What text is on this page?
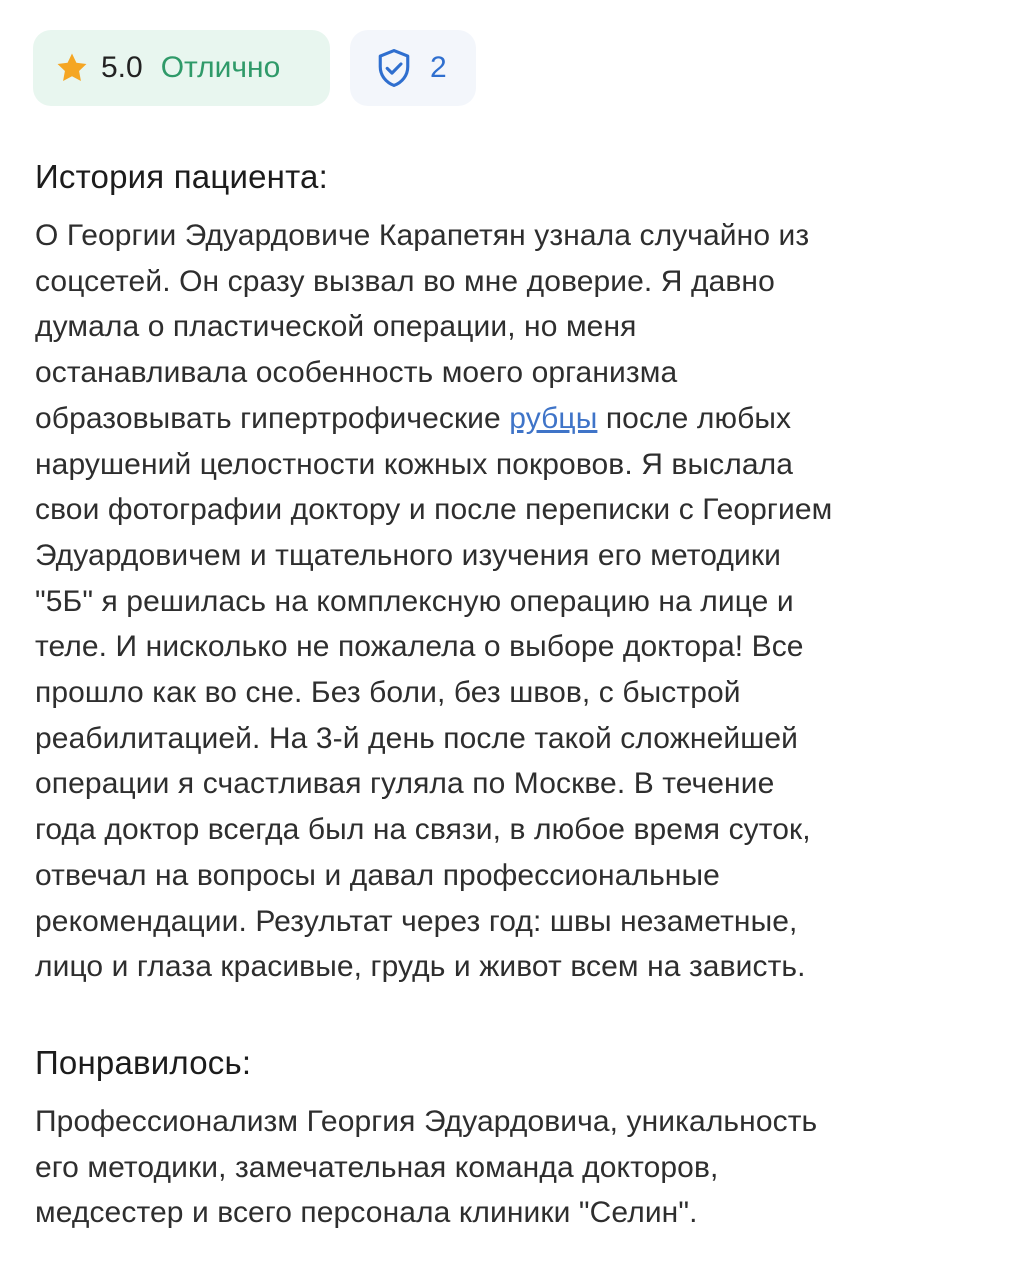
5.0 Отлично	2
История пациента:

О Георгии Эдуардовиче Карапетян узнала случайно из
соцсетей. Он сразу вызвал во мне доверие. Я давно
думала о пластической операции, но меня
останавливала особенность моего организма
образовывать гипертрофические рубцы после любых
нарушений целостности кожных покровов. Я выслала
свои фотографии доктору и после переписки с Георгием
Эдуардовичем и тщательного изучения его методики
"5Б" я решилась на комплексную операцию на лице и
теле. И нисколько не пожалела о выборе доктора! Все
прошло как во сне. Без боли, без швов, с быстрой
реабилитацией. На 3-й день после такой сложнейшей
операции я счастливая гуляла по Москве. В течение
года доктор всегда был на связи, в любое время суток,
отвечал на вопросы и давал профессиональные
рекомендации. Результат через год: швы незаметные,
лицо и глаза красивые, грудь и живот всем на зависть.

Понравилось:

Профессионализм Георгия Эдуардовича, уникальность
его методики, замечательная команда докторов,
медсестер и всего персонала клиники "Селин".
